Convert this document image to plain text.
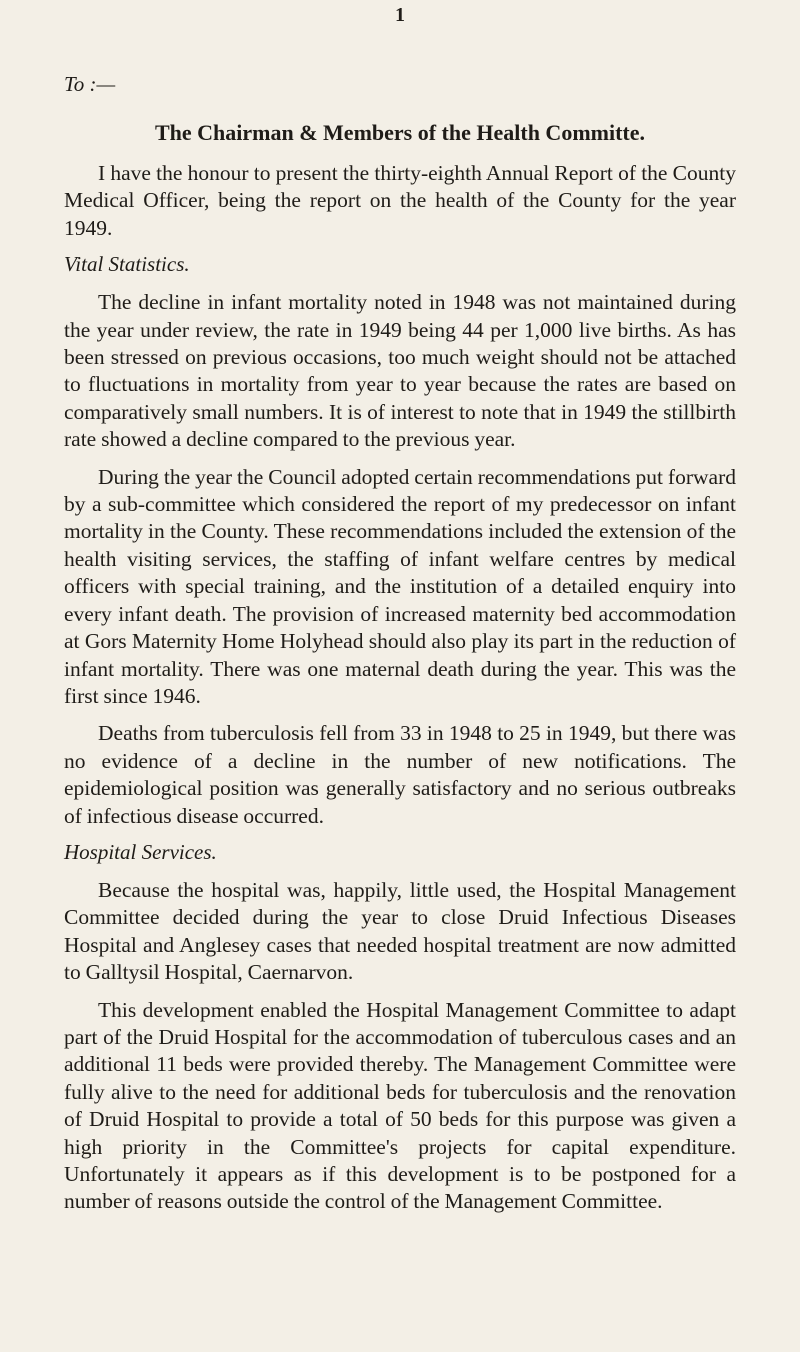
1
To :—
The Chairman & Members of the Health Committe.

I have the honour to present the thirty-eighth Annual Report of the County Medical Officer, being the report on the health of the County for the year 1949.

Vital Statistics.

The decline in infant mortality noted in 1948 was not maintained during the year under review, the rate in 1949 being 44 per 1,000 live births. As has been stressed on previous occasions, too much weight should not be attached to fluctuations in mortality from year to year because the rates are based on comparatively small numbers. It is of interest to note that in 1949 the stillbirth rate showed a decline compared to the previous year.

During the year the Council adopted certain recommendations put forward by a sub-committee which considered the report of my predecessor on infant mortality in the County. These recommendations included the extension of the health visiting services, the staffing of infant welfare centres by medical officers with special training, and the institution of a detailed enquiry into every infant death. The provision of increased maternity bed accommodation at Gors Maternity Home Holyhead should also play its part in the reduction of infant mortality. There was one maternal death during the year. This was the first since 1946.

Deaths from tuberculosis fell from 33 in 1948 to 25 in 1949, but there was no evidence of a decline in the number of new notifications. The epidemiological position was generally satisfactory and no serious outbreaks of infectious disease occurred.

Hospital Services.

Because the hospital was, happily, little used, the Hospital Management Committee decided during the year to close Druid Infectious Diseases Hospital and Anglesey cases that needed hospital treatment are now admitted to Galltysil Hospital, Caernarvon.

This development enabled the Hospital Management Committee to adapt part of the Druid Hospital for the accommodation of tuberculous cases and an additional 11 beds were provided thereby. The Management Committee were fully alive to the need for additional beds for tuberculosis and the renovation of Druid Hospital to provide a total of 50 beds for this purpose was given a high priority in the Committee's projects for capital expenditure. Unfortunately it appears as if this development is to be postponed for a number of reasons outside the control of the Management Committee.
